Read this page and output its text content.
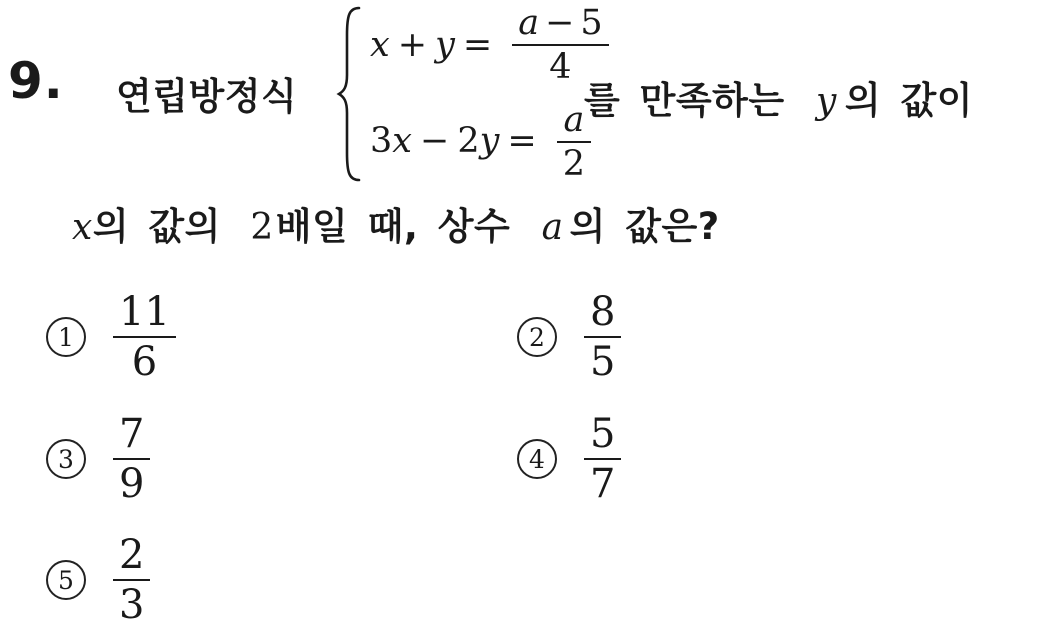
9. 연립방정식
$x + y = \frac{a - 5}{4}$
3 x − 2 $y = \frac{a}{2}$
를 만족하는 y 의 값이
x의 값의 2배일 때, 상수 a 의 값은?
$1 \frac{11}{6}$	$2 \frac{8}{5}$
$3 \frac{7}{9}$	$4 \frac{5}{7}$
$5 \frac{2}{3}$
